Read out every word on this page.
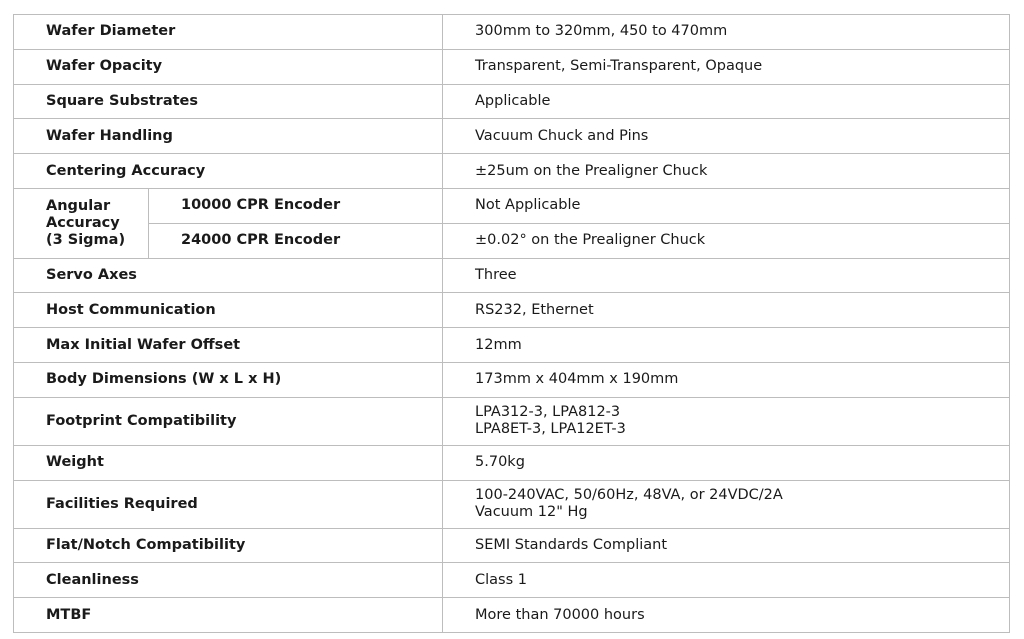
Wafer Diameter		300mm to 320mm, 450 to 470mm
Wafer Opacity		Transparent, Semi-Transparent, Opaque
Square Substrates		Applicable
Wafer Handling		Vacuum Chuck and Pins
Centering Accuracy		±25um on the Prealigner Chuck

Angular
Accuracy
(3 Sigma)	10000 CPR Encoder	Not Applicable
	24000 CPR Encoder	±0.02° on the Prealigner Chuck
Servo Axes		Three
Host Communication		RS232, Ethernet
Max Initial Wafer Offset		12mm
Body Dimensions (W x L x H)		173mm x 404mm x 190mm
Footprint Compatibility		LPA312-3, LPA812-3
LPA8ET-3, LPA12ET-3

Weight		5.70kg
Facilities Required		100-240VAC, 50/60Hz, 48VA, or 24VDC/2A
Vacuum 12" Hg

Flat/Notch Compatibility		SEMI Standards Compliant
Cleanliness		Class 1
MTBF		More than 70000 hours
